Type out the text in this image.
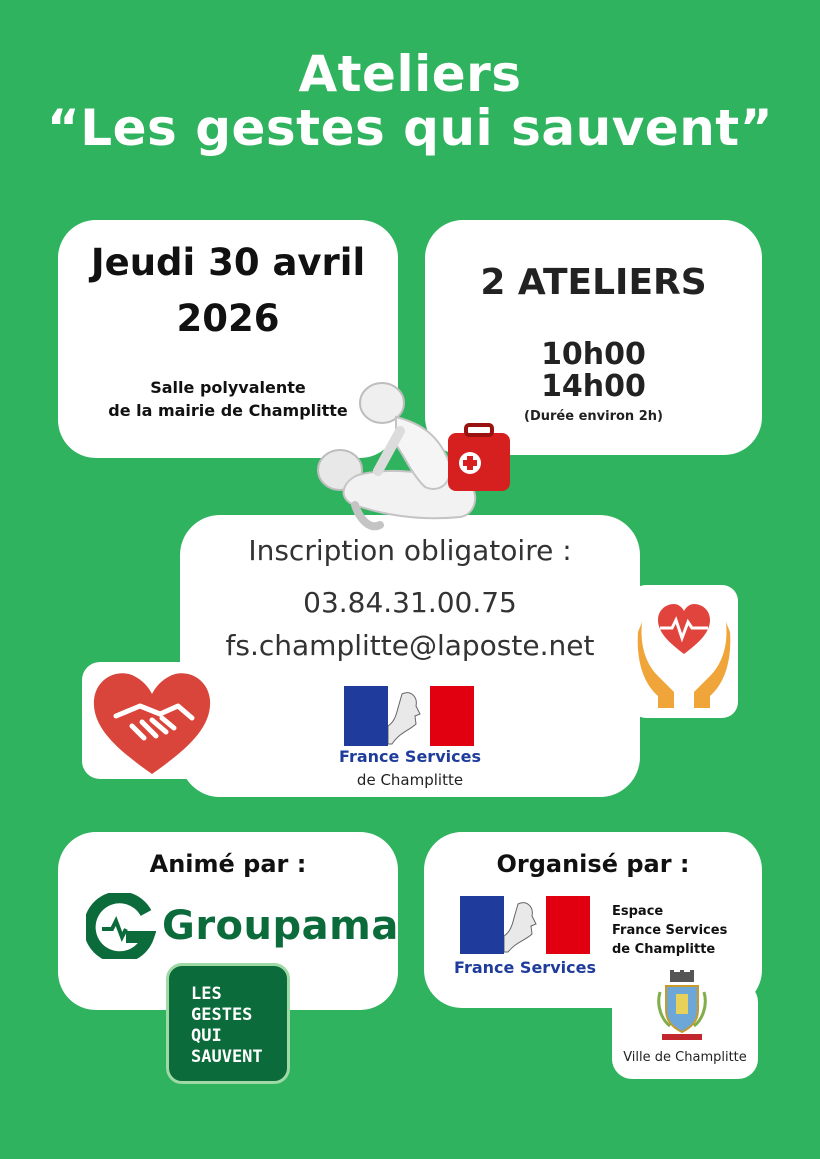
Ateliers
“Les gestes qui sauvent”
Jeudi 30 avril
2026
Salle polyvalente
de la mairie de Champlitte
2 ATELIERS
10h00
14h00
(Durée environ 2h)
Inscription obligatoire :
03.84.31.00.75
fs.champlitte@laposte.net
France Services
de Champlitte
Animé par :
Groupama
LES
GESTES
QUI
SAUVENT
Organisé par :
France Services
Espace
France Services
de Champlitte
Ville de Champlitte
